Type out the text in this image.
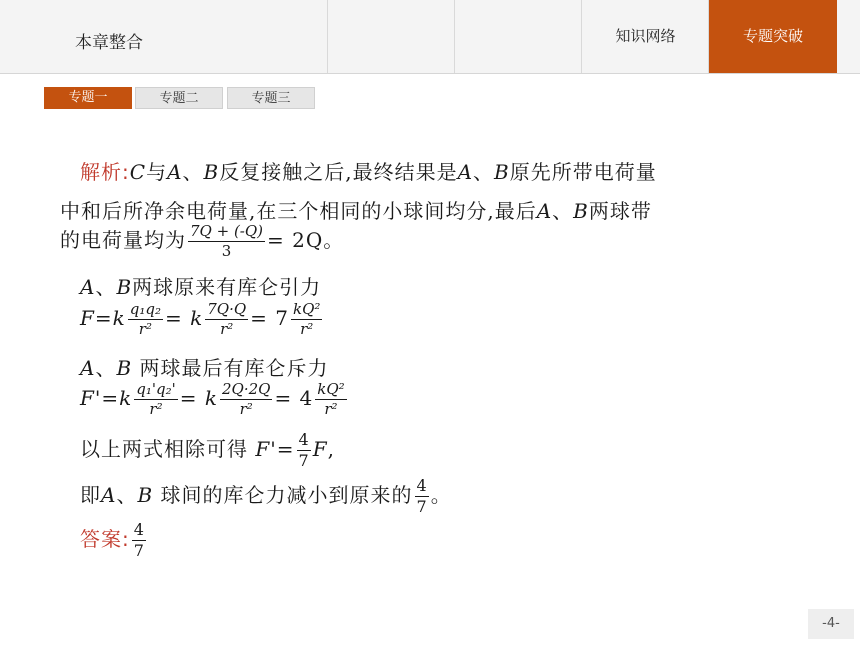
本章整合	知识网络	专题突破
专题一	专题二	专题三
解析:C与A、B反复接触之后,最终结果是A、B原先所带电荷量
中和后所净余电荷量,在三个相同的小球间均分,最后A、B两球带
的电荷量均为 $\frac{7Q + (-Q)}{3} = 2Q$。
A、B两球原来有库仑引力
$F=k \frac{\text{q₁q₂}}{\text{r²}} = k \frac{7Q\cdot Q}{\text{r²}} = 7 \frac{\text{kQ²}}{\text{r²}}$
A、B 两球最后有库仑斥力
$F'=k \frac{\text{q₁'q₂'}}{\text{r²}} = k \frac{2Q\cdot 2Q}{\text{r²}} = 4 \frac{\text{kQ²}}{\text{r²}}$
以上两式相除可得 $F'= \frac{4}{7} F$,
即A、B 球间的库仑力减小到原来的 $\frac{4}{7}$ 。
答案: $\frac{4}{7}$
-4-
